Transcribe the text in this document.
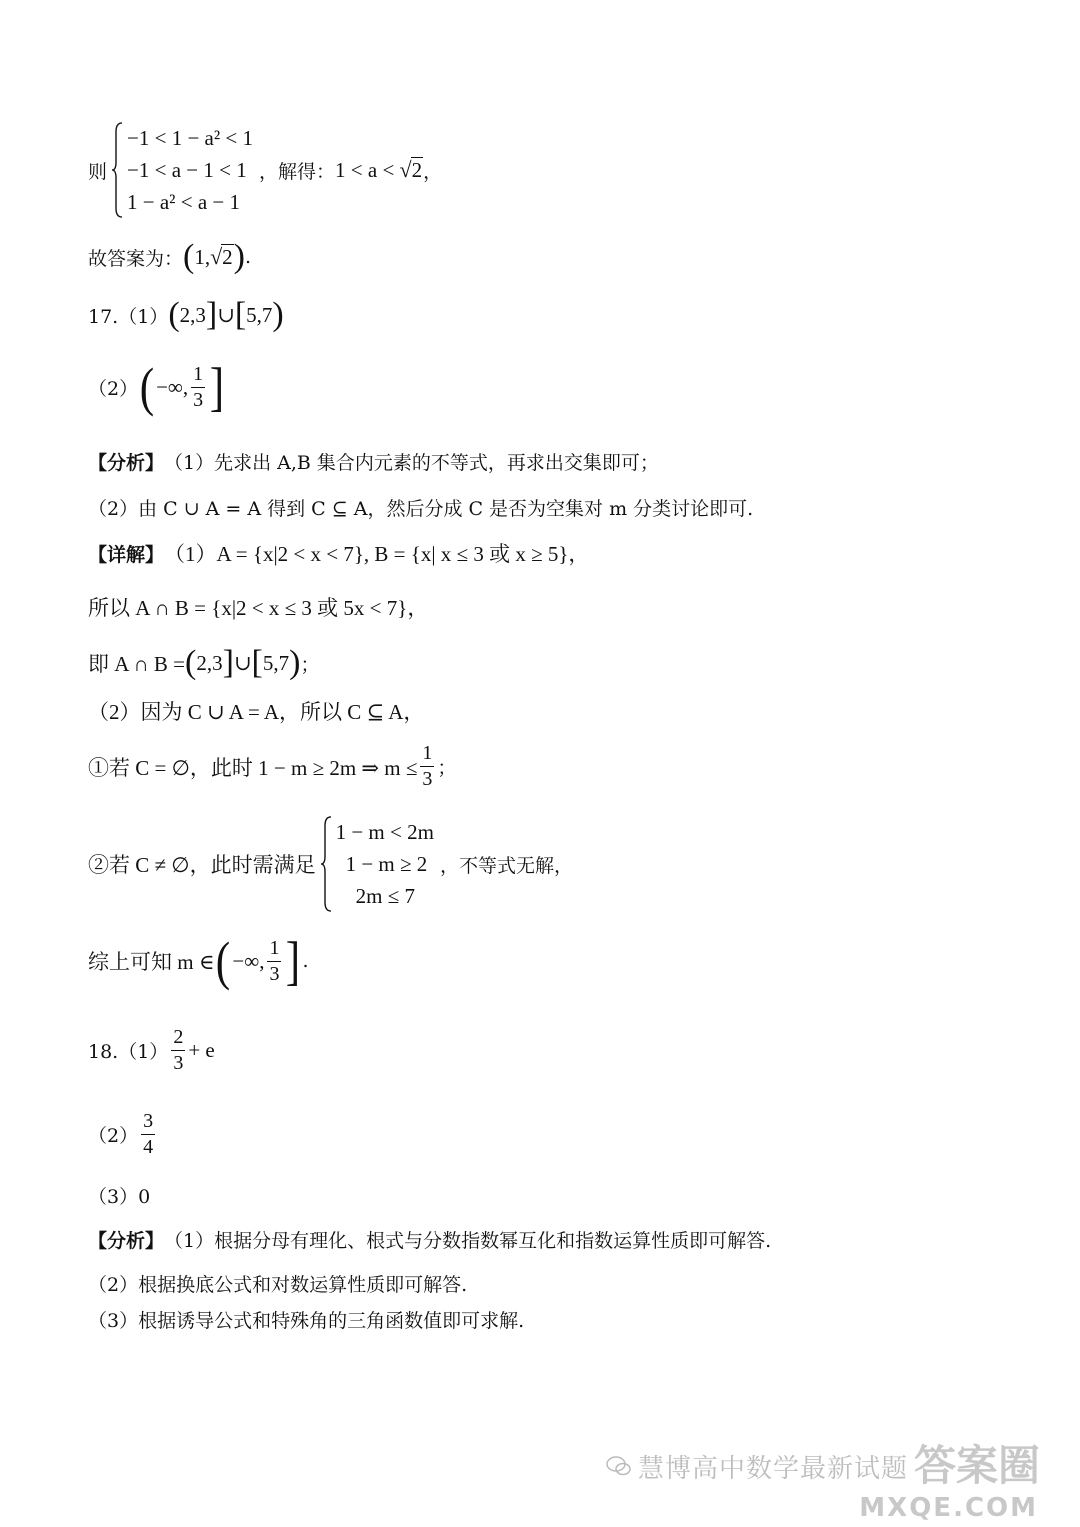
则
−1 < 1 − a² < 1
−1 < a − 1 < 1
1 − a² < a − 1
，解得： 1 < a < √ 2 ，
故答案为： ( 1, √ 2 ) .
17.（1） ( 2,3 ] ∪ [ 5,7 )
（2） ( −∞, $\frac{1}{3}$ ]
【分析】 （1）先求出 A,B 集合内元素的不等式，再求出交集即可；
（2）由 C ∪ A = A 得到 C ⊆ A，然后分成 C 是否为空集对 m 分类讨论即可.
【详解】 （1）A = {x|2 < x < 7}, B = {x| x ≤ 3 或 x ≥ 5}，
所以 A ∩ B = {x|2 < x ≤ 3 或 5x < 7}，
即 A ∩ B = ( 2,3 ] ∪ [ 5,7 ) ；
（2）因为 C ∪ A = A，所以 C ⊆ A，
①若 C = ∅，此时 1 − m ≥ 2m ⇒ $m \le \frac{1}{3}$ ；
②若 C ≠ ∅，此时需满足
1 − m < 2m
1 − m ≥ 2
2m ≤ 7
，不等式无解，
综上可知 m ∈ ( −∞, $\frac{1}{3}$ ] .
$18.(1) \frac{2}{3} + e$
$(2) \frac{3}{4}$
（3）0
【分析】 （1）根据分母有理化、根式与分数指数幂互化和指数运算性质即可解答.
（2）根据换底公式和对数运算性质即可解答.
（3）根据诱导公式和特殊角的三角函数值即可求解.
慧博高中数学最新试题 答案圈
MXQE.COM
